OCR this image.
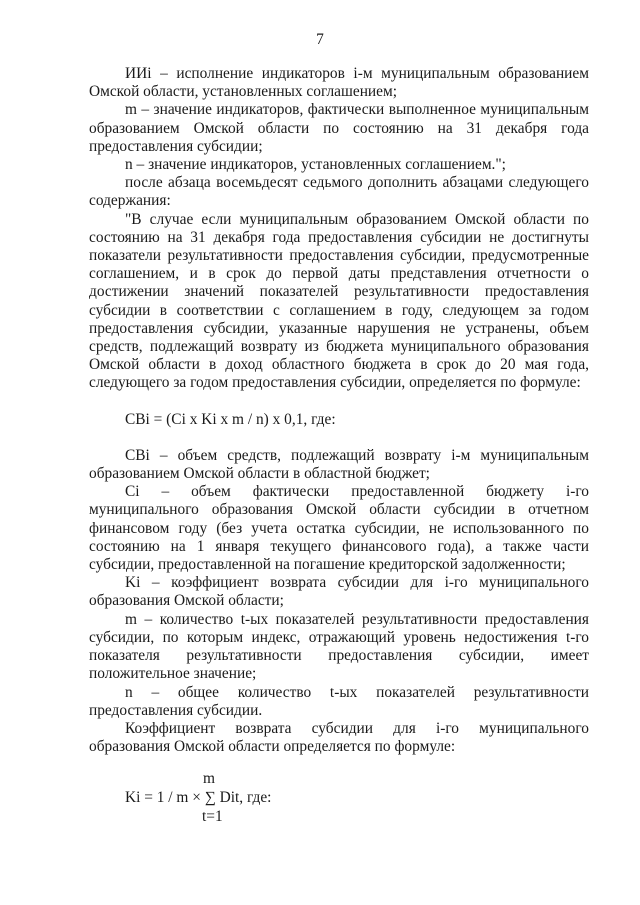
7

ИИi – исполнение индикаторов i-м муниципальным образованием Омской области, установленных соглашением;

m – значение индикаторов, фактически выполненное муниципальным образованием Омской области по состоянию на 31 декабря года предоставления субсидии;

n – значение индикаторов, установленных соглашением.";

после абзаца восемьдесят седьмого дополнить абзацами следующего содержания:

"В случае если муниципальным образованием Омской области по состоянию на 31 декабря года предоставления субсидии не достигнуты показатели результативности предоставления субсидии, предусмотренные соглашением, и в срок до первой даты представления отчетности о достижении значений показателей результативности предоставления субсидии в соответствии с соглашением в году, следующем за годом предоставления субсидии, указанные нарушения не устранены, объем средств, подлежащий возврату из бюджета муниципального образования Омской области в доход областного бюджета в срок до 20 мая года, следующего за годом предоставления субсидии, определяется по формуле:

СВi = (Ci x Ki x m / n) x 0,1, где:

СВi – объем средств, подлежащий возврату i-м муниципальным образованием Омской области в областной бюджет;

Ci – объем фактически предоставленной бюджету i-го муниципального образования Омской области субсидии в отчетном финансовом году (без учета остатка субсидии, не использованного по состоянию на 1 января текущего финансового года), а также части субсидии, предоставленной на погашение кредиторской задолженности;

Ki – коэффициент возврата субсидии для i-го муниципального образования Омской области;

m – количество t-ых показателей результативности предоставления субсидии, по которым индекс, отражающий уровень недостижения t-го показателя результативности предоставления субсидии, имеет положительное значение;

n – общее количество t-ых показателей результативности предоставления субсидии.

Коэффициент возврата субсидии для i-го муниципального образования Омской области определяется по формуле:

m
Ki = 1 / m × ∑ Dit, где:
t=1
